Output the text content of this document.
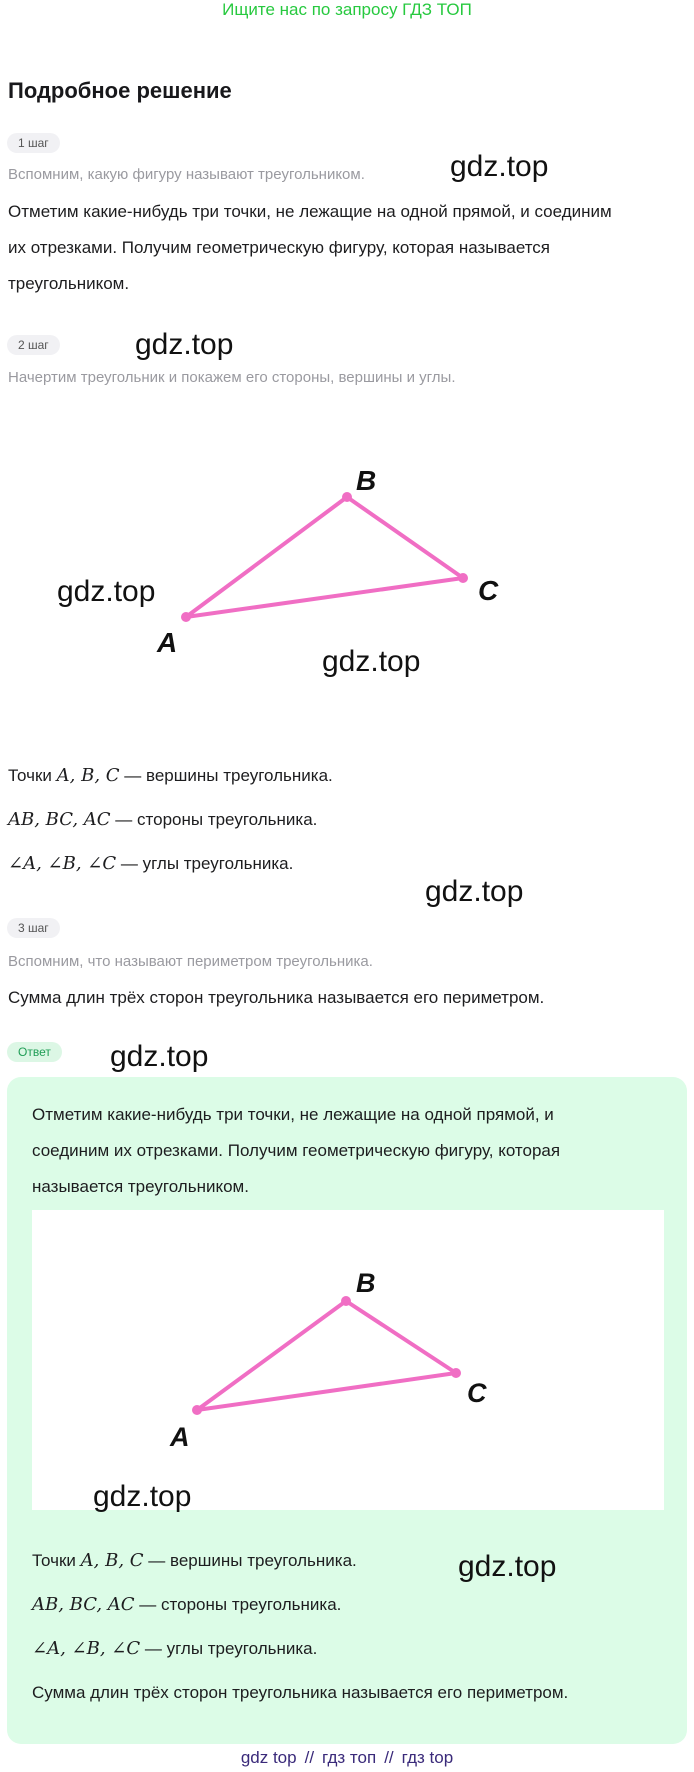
Ищите нас по запросу ГДЗ ТОП
Подробное решение
1 шаг
Вспомним, какую фигуру называют треугольником.	gdz.top
Отметим какие-нибудь три точки, не лежащие на одной прямой, и соединим
их отрезками. Получим геометрическую фигуру, которая называется
треугольником.
2 шаг	gdz.top
Начертим треугольник и покажем его стороны, вершины и углы.
A
B
C
gdz.top
gdz.top
Точки A, B, C — вершины треугольника.
AB, BC, AC — стороны треугольника.
∠A, ∠B, ∠C — углы треугольника.
gdz.top
3 шаг
Вспомним, что называют периметром треугольника.
Сумма длин трёх сторон треугольника называется его периметром.
Ответ	gdz.top
Отметим какие-нибудь три точки, не лежащие на одной прямой, и
соединим их отрезками. Получим геометрическую фигуру, которая
называется треугольником.
A
B
C
gdz.top
Точки A, B, C — вершины треугольника.
AB, BC, AC — стороны треугольника.
∠A, ∠B, ∠C — углы треугольника.
Сумма длин трёх сторон треугольника называется его периметром.
gdz.top
gdz top // гдз топ // гдз top
